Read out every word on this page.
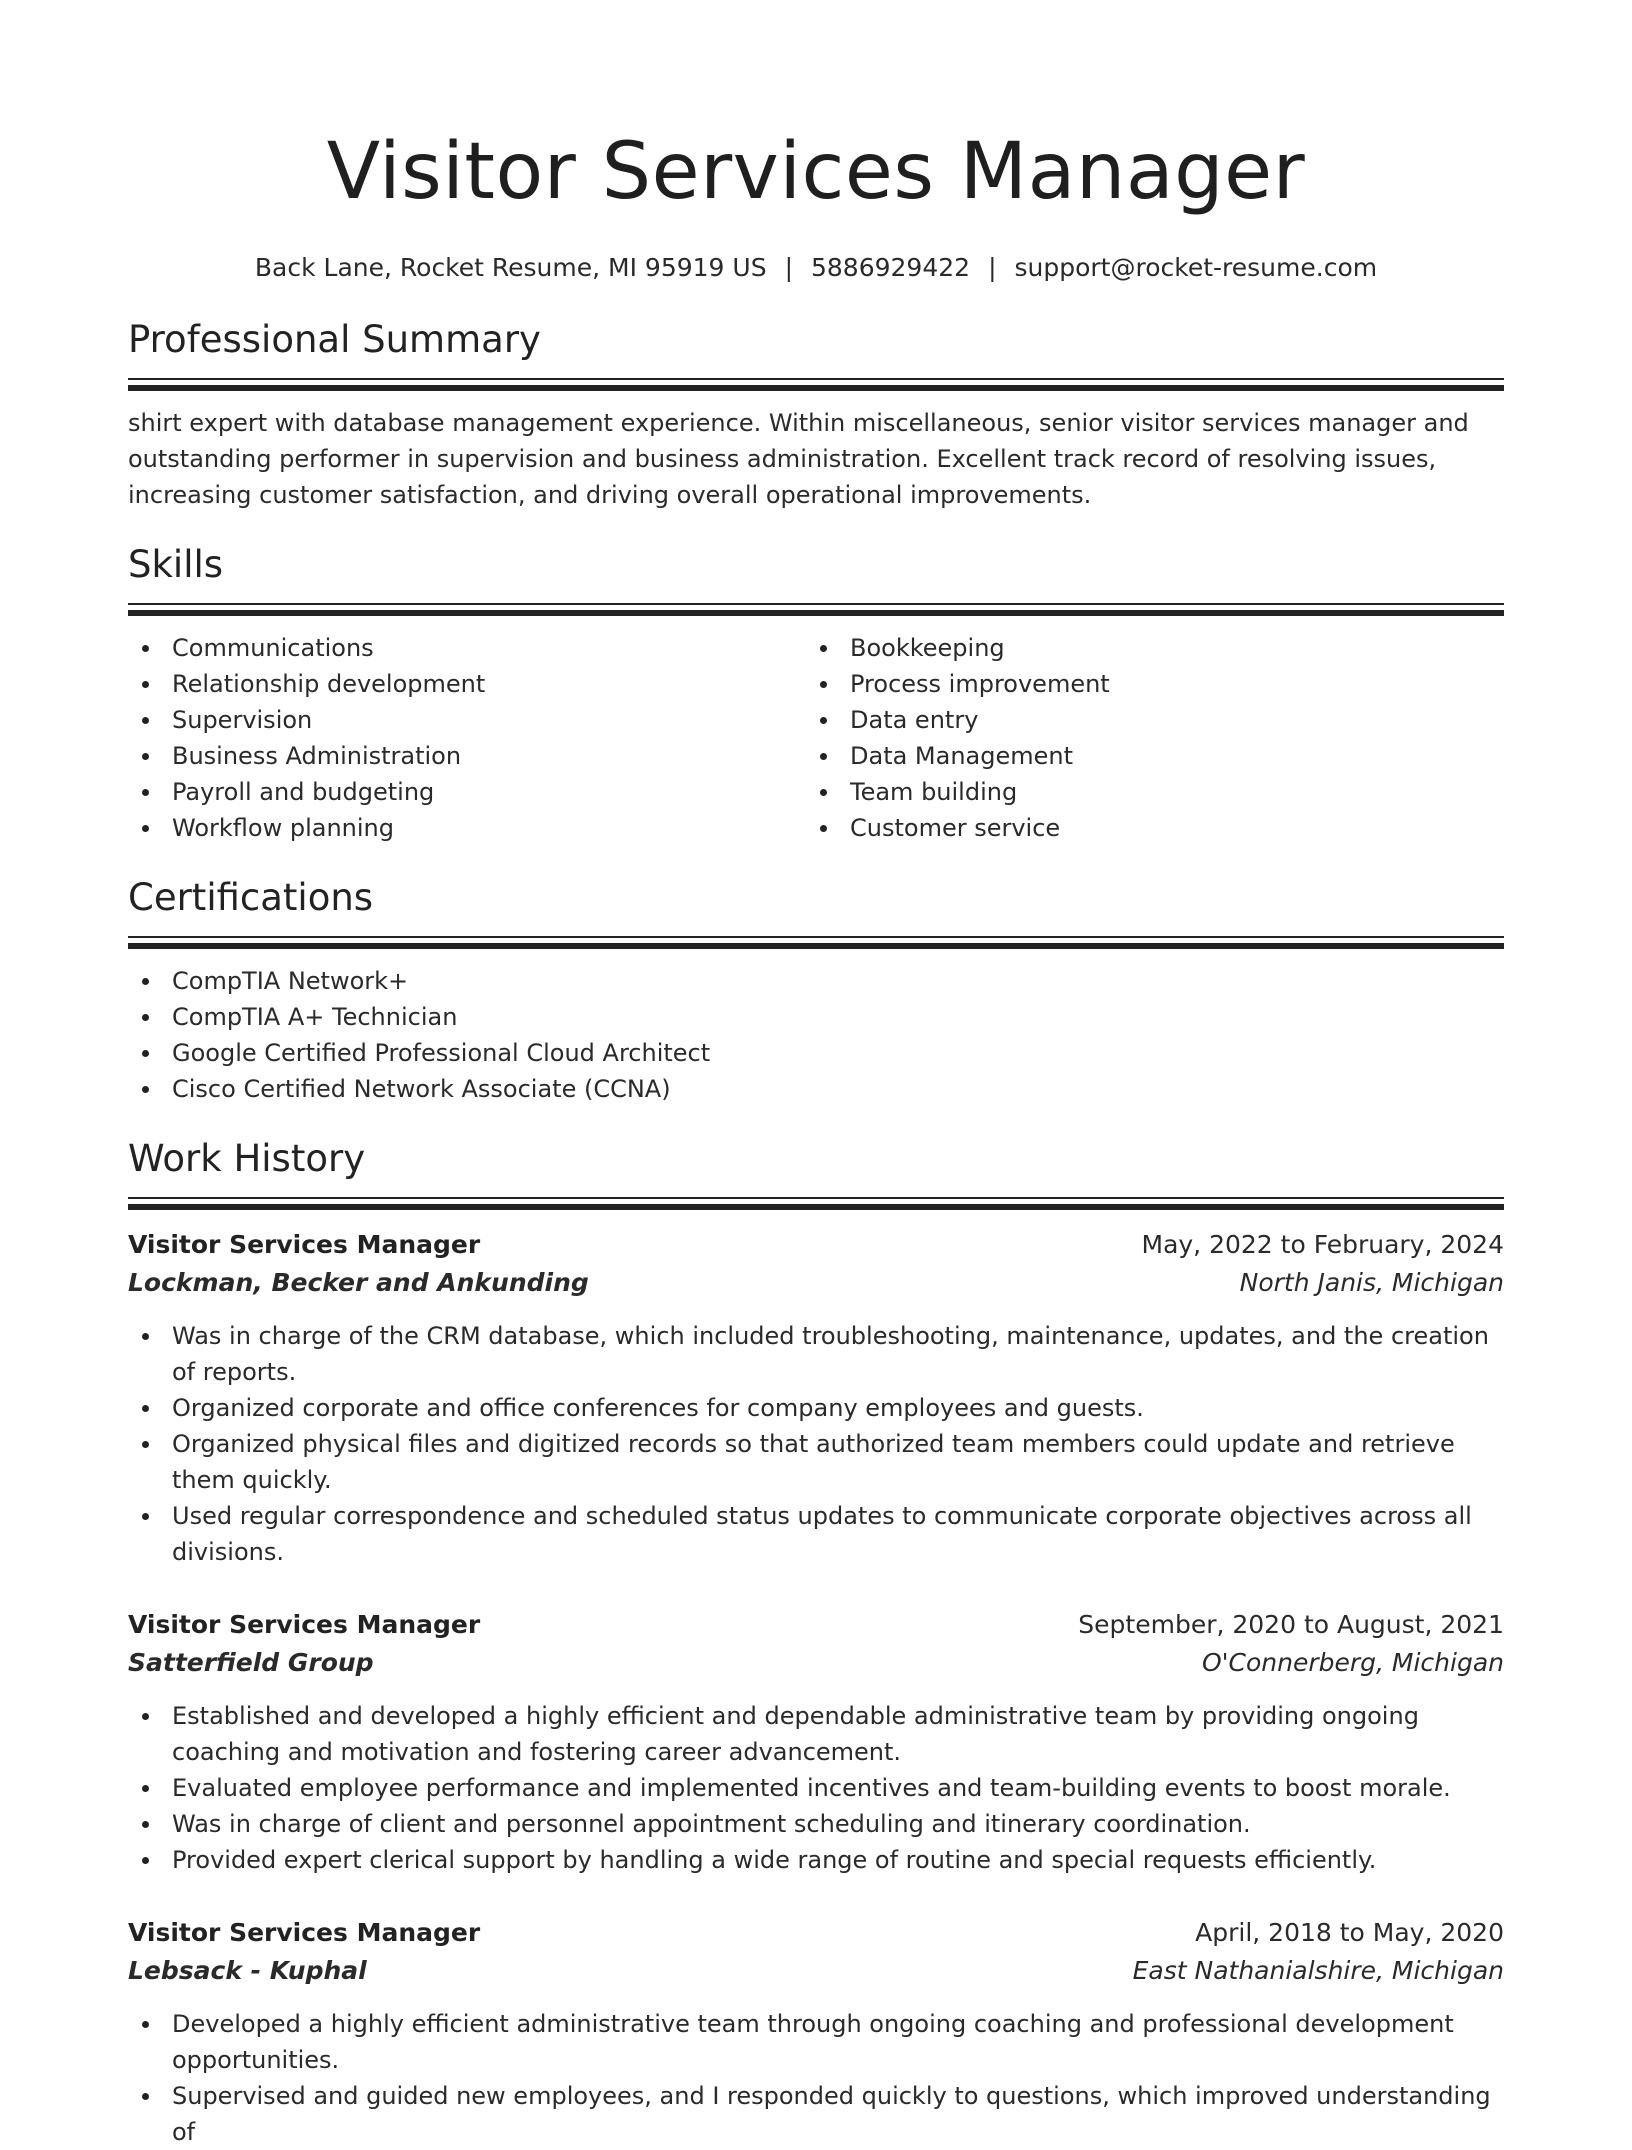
Visitor Services Manager
Back Lane, Rocket Resume, MI 95919 US | 5886929422 | support@rocket-resume.com
Professional Summary
shirt expert with database management experience. Within miscellaneous, senior visitor services manager and outstanding performer in supervision and business administration. Excellent track record of resolving issues, increasing customer satisfaction, and driving overall operational improvements.
Skills
Communications
Relationship development
Supervision
Business Administration
Payroll and budgeting
Workflow planning
Bookkeeping
Process improvement
Data entry
Data Management
Team building
Customer service
Certifications
CompTIA Network+
CompTIA A+ Technician
Google Certified Professional Cloud Architect
Cisco Certified Network Associate (CCNA)
Work History
Visitor Services Manager	May, 2022 to February, 2024
Lockman, Becker and Ankunding	North Janis, Michigan
Was in charge of the CRM database, which included troubleshooting, maintenance, updates, and the creation of reports.
Organized corporate and office conferences for company employees and guests.
Organized physical files and digitized records so that authorized team members could update and retrieve them quickly.
Used regular correspondence and scheduled status updates to communicate corporate objectives across all divisions.
Visitor Services Manager	September, 2020 to August, 2021
Satterfield Group	O'Connerberg, Michigan
Established and developed a highly efficient and dependable administrative team by providing ongoing coaching and motivation and fostering career advancement.
Evaluated employee performance and implemented incentives and team-building events to boost morale.
Was in charge of client and personnel appointment scheduling and itinerary coordination.
Provided expert clerical support by handling a wide range of routine and special requests efficiently.
Visitor Services Manager	April, 2018 to May, 2020
Lebsack - Kuphal	East Nathanialshire, Michigan
Developed a highly efficient administrative team through ongoing coaching and professional development opportunities.
Supervised and guided new employees, and I responded quickly to questions, which improved understanding of
